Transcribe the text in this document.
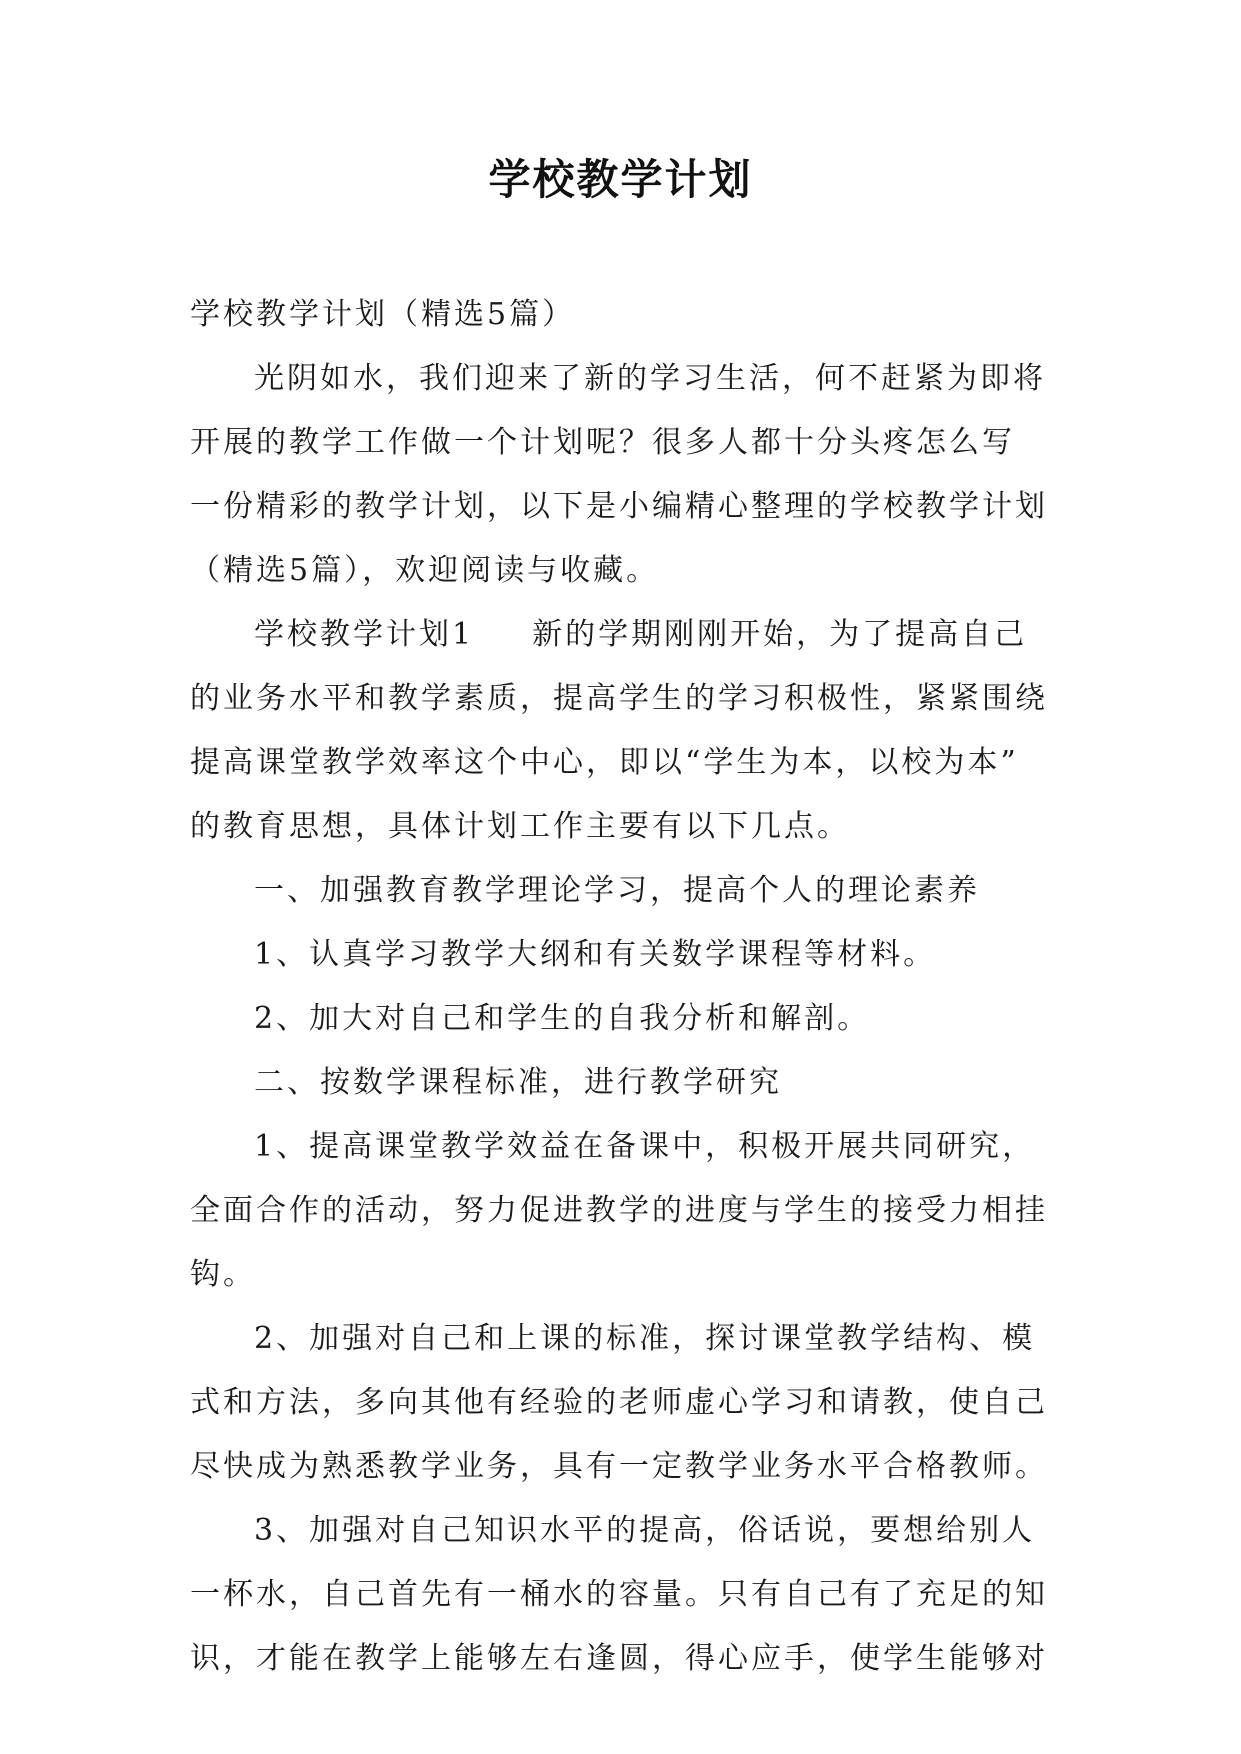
学校教学计划
学校教学计划（精选5篇）
光阴如水，我们迎来了新的学习生活，何不赶紧为即将
开展的教学工作做一个计划呢？很多人都十分头疼怎么写
一份精彩的教学计划，以下是小编精心整理的学校教学计划
（精选5篇），欢迎阅读与收藏。
学校教学计划1 新的学期刚刚开始，为了提高自己
的业务水平和教学素质，提高学生的学习积极性，紧紧围绕
提高课堂教学效率这个中心，即以“学生为本，以校为本”
的教育思想，具体计划工作主要有以下几点。
一、加强教育教学理论学习，提高个人的理论素养
1、认真学习教学大纲和有关数学课程等材料。
2、加大对自己和学生的自我分析和解剖。
二、按数学课程标准，进行教学研究
1、提高课堂教学效益在备课中，积极开展共同研究，
全面合作的活动，努力促进教学的进度与学生的接受力相挂
钩。
2、加强对自己和上课的标准，探讨课堂教学结构、模
式和方法，多向其他有经验的老师虚心学习和请教，使自己
尽快成为熟悉教学业务，具有一定教学业务水平合格教师。
3、加强对自己知识水平的提高，俗话说，要想给别人
一杯水，自己首先有一桶水的容量。只有自己有了充足的知
识，才能在教学上能够左右逢圆，得心应手，使学生能够对
